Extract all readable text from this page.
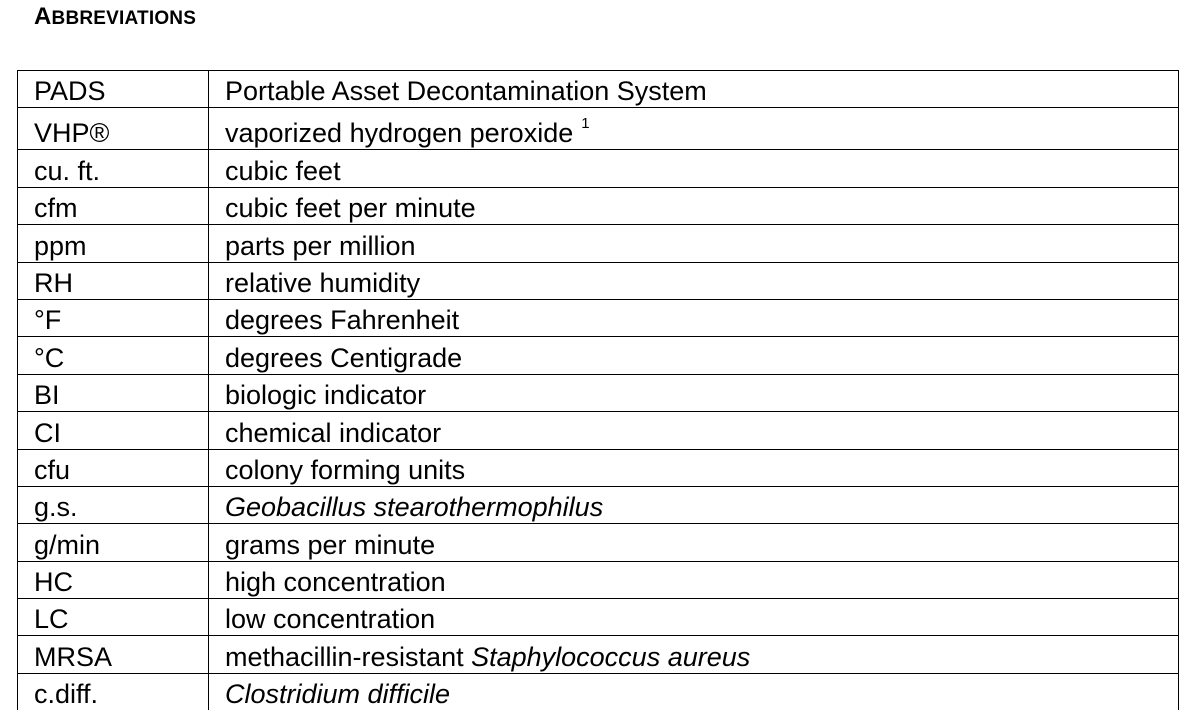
ABBREVIATIONS
PADS	Portable Asset Decontamination System
VHP®	vaporized hydrogen peroxide $^1$
cu. ft.	cubic feet
cfm	cubic feet per minute
ppm	parts per million
RH	relative humidity
°F	degrees Fahrenheit
°C	degrees Centigrade
BI	biologic indicator
CI	chemical indicator
cfu	colony forming units
g.s.	Geobacillus stearothermophilus
g/min	grams per minute
HC	high concentration
LC	low concentration
MRSA	methacillin-resistant Staphylococcus aureus
c.diff.	Clostridium difficile
